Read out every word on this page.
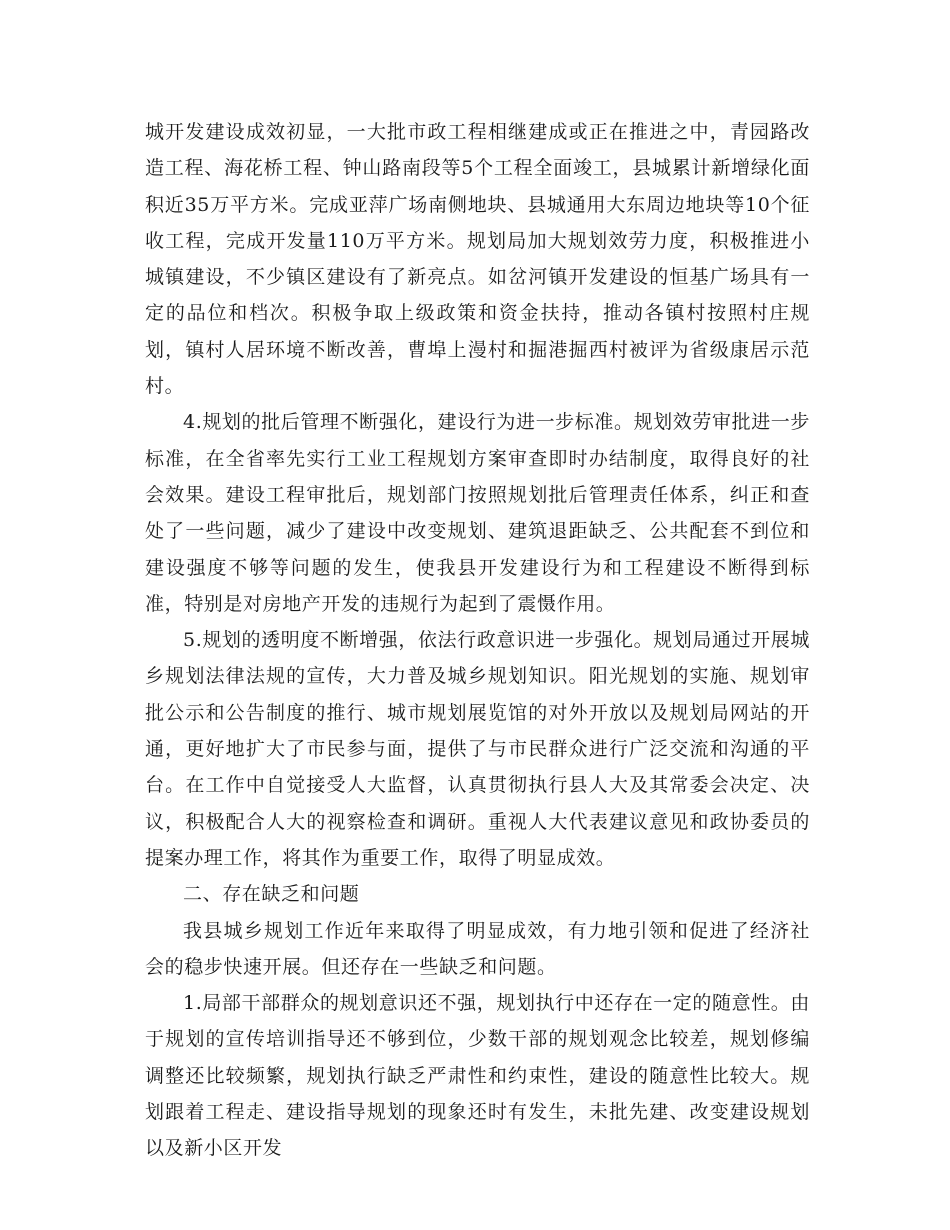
城开发建设成效初显，一大批市政工程相继建成或正在推进之中，青园路改造工程、海花桥工程、钟山路南段等5个工程全面竣工，县城累计新增绿化面积近35万平方米。完成亚萍广场南侧地块、县城通用大东周边地块等10个征收工程，完成开发量110万平方米。规划局加大规划效劳力度，积极推进小城镇建设，不少镇区建设有了新亮点。如岔河镇开发建设的恒基广场具有一定的品位和档次。积极争取上级政策和资金扶持，推动各镇村按照村庄规划，镇村人居环境不断改善，曹埠上漫村和掘港掘西村被评为省级康居示范村。

4.规划的批后管理不断强化，建设行为进一步标准。规划效劳审批进一步标准，在全省率先实行工业工程规划方案审查即时办结制度，取得良好的社会效果。建设工程审批后，规划部门按照规划批后管理责任体系，纠正和查处了一些问题，减少了建设中改变规划、建筑退距缺乏、公共配套不到位和建设强度不够等问题的发生，使我县开发建设行为和工程建设不断得到标准，特别是对房地产开发的违规行为起到了震慑作用。

5.规划的透明度不断增强，依法行政意识进一步强化。规划局通过开展城乡规划法律法规的宣传，大力普及城乡规划知识。阳光规划的实施、规划审批公示和公告制度的推行、城市规划展览馆的对外开放以及规划局网站的开通，更好地扩大了市民参与面，提供了与市民群众进行广泛交流和沟通的平台。在工作中自觉接受人大监督，认真贯彻执行县人大及其常委会决定、决议，积极配合人大的视察检查和调研。重视人大代表建议意见和政协委员的提案办理工作，将其作为重要工作，取得了明显成效。

二、存在缺乏和问题

我县城乡规划工作近年来取得了明显成效，有力地引领和促进了经济社会的稳步快速开展。但还存在一些缺乏和问题。

1.局部干部群众的规划意识还不强，规划执行中还存在一定的随意性。由于规划的宣传培训指导还不够到位，少数干部的规划观念比较差，规划修编调整还比较频繁，规划执行缺乏严肃性和约束性，建设的随意性比较大。规划跟着工程走、建设指导规划的现象还时有发生，未批先建、改变建设规划以及新小区开发
